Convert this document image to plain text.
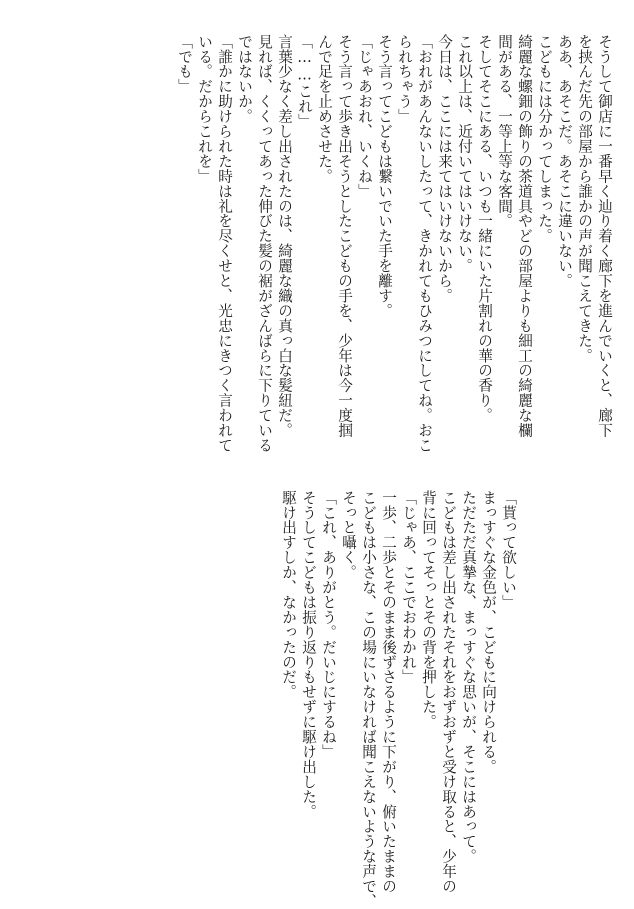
そうして御店に一番早く辿り着く廊下を進んでいくと、廊下
を挟んだ先の部屋から誰かの声が聞こえてきた。
ああ、あそこだ。あそこに違いない。
こどもには分かってしまった。
綺麗な螺鈿の飾りの茶道具やどの部屋よりも細工の綺麗な欄
間がある、一等上等な客間。
そしてそこにある、いつも一緒にいた片割れの華の香り。
これ以上は、近付いてはいけない。
今日は、ここには来てはいけないから。
「おれがあんないしたって、きかれてもひみつにしてね。おこ
られちゃう」
そう言ってこどもは繋いでいた手を離す。
「じゃあおれ、いくね」
そう言って歩き出そうとしたこどもの手を、少年は今一度掴
んで足を止めさせた。
「……これ」
言葉少なく差し出されたのは、綺麗な織の真っ白な髪紐だ。
見れば、くくってあった伸びた髪の裾がざんばらに下りている
ではないか。
「誰かに助けられた時は礼を尽くせと、光忠にきつく言われて
いる。だからこれを」
「でも」
「貰って欲しい」
まっすぐな金色が、こどもに向けられる。
ただただ真摯な、まっすぐな思いが、そこにはあって。
こどもは差し出されたそれをおずおずと受け取ると、少年の
背に回ってそっとその背を押した。
「じゃあ、ここでおわかれ」
一歩、二歩とそのまま後ずさるように下がり、俯いたままの
こどもは小さな、この場にいなければ聞こえないような声で、
そっと囁く。
「これ、ありがとう。だいじにするね」
そうしてこどもは振り返りもせずに駆け出した。
駆け出すしか、なかったのだ。
